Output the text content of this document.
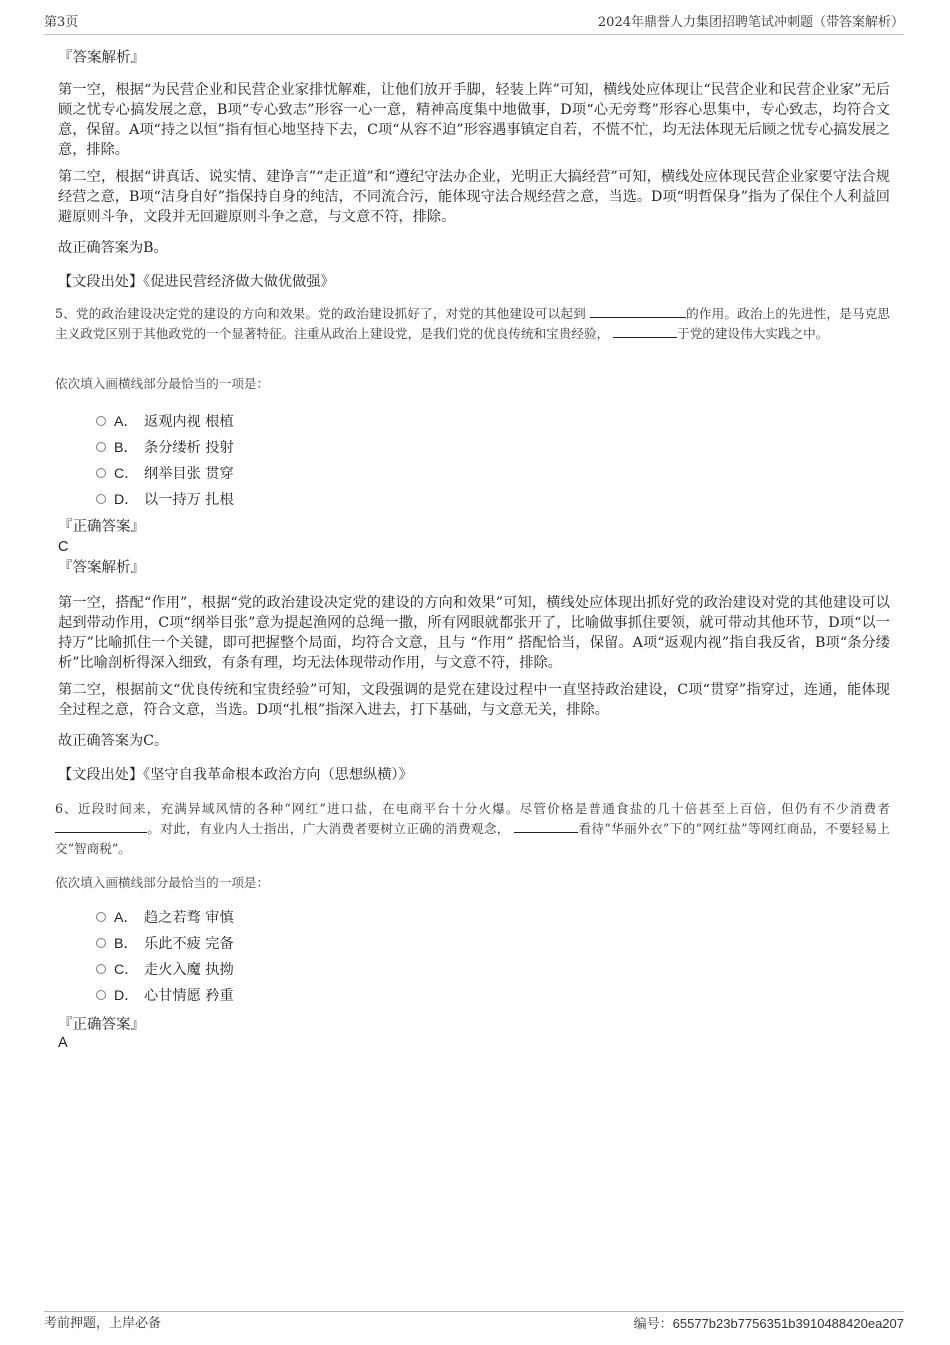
第3页	2024年鼎誉人力集团招聘笔试冲刺题（带答案解析）
『答案解析』

第一空，根据“为民营企业和民营企业家排忧解难，让他们放开手脚，轻装上阵”可知，横线处应体现让“民营企业和民营企业家”无后顾之忧专心搞发展之意，B项“专心致志”形容一心一意，精神高度集中地做事，D项“心无旁骛”形容心思集中，专心致志，均符合文意，保留。A项“持之以恒”指有恒心地坚持下去，C项“从容不迫”形容遇事镇定自若，不慌不忙，均无法体现无后顾之忧专心搞发展之意，排除。

第二空，根据“讲真话、说实情、建诤言”“走正道”和“遵纪守法办企业，光明正大搞经营”可知，横线处应体现民营企业家要守法合规经营之意，B项“洁身自好”指保持自身的纯洁，不同流合污，能体现守法合规经营之意，当选。D项“明哲保身”指为了保住个人利益回避原则斗争，文段并无回避原则斗争之意，与文意不符，排除。

故正确答案为B。
【文段出处】《促进民营经济做大做优做强》

5、党的政治建设决定党的建设的方向和效果。党的政治建设抓好了，对党的其他建设可以起到	的作用。政治上的先进性，是马克思主义政党区别于其他政党的一个显著特征。注重从政治上建设党，是我们党的优良传统和宝贵经验，	于党的建设伟大实践之中。

依次填入画横线部分最恰当的一项是：
A． 返观内视 根植
B． 条分缕析 投射
C． 纲举目张 贯穿
D． 以一持万 扎根
『正确答案』
C
『答案解析』

第一空，搭配“作用”，根据“党的政治建设决定党的建设的方向和效果”可知，横线处应体现出抓好党的政治建设对党的其他建设可以起到带动作用，C项“纲举目张”意为提起渔网的总绳一撒，所有网眼就都张开了，比喻做事抓住要领，就可带动其他环节，D项“以一持万”比喻抓住一个关键，即可把握整个局面，均符合文意，且与 “作用” 搭配恰当，保留。A项“返观内视”指自我反省，B项“条分缕析”比喻剖析得深入细致，有条有理，均无法体现带动作用，与文意不符，排除。

第二空，根据前文“优良传统和宝贵经验”可知，文段强调的是党在建设过程中一直坚持政治建设，C项“贯穿”指穿过，连通，能体现全过程之意，符合文意，当选。D项“扎根”指深入进去，打下基础，与文意无关，排除。

故正确答案为C。
【文段出处】《坚守自我革命根本政治方向（思想纵横）》

6、近段时间来，充满异域风情的各种“网红”进口盐，在电商平台十分火爆。尽管价格是普通食盐的几十倍甚至上百倍，但仍有不少消费者 。对此，有业内人士指出，广大消费者要树立正确的消费观念，	看待“华丽外衣”下的“网红盐”等网红商品，不要轻易上交“智商税”。

依次填入画横线部分最恰当的一项是：
A． 趋之若骛 审慎
B． 乐此不疲 完备
C． 走火入魔 执拗
D． 心甘情愿 矜重
『正确答案』
A
考前押题，上岸必备	编号：65577b23b7756351b3910488420ea207
